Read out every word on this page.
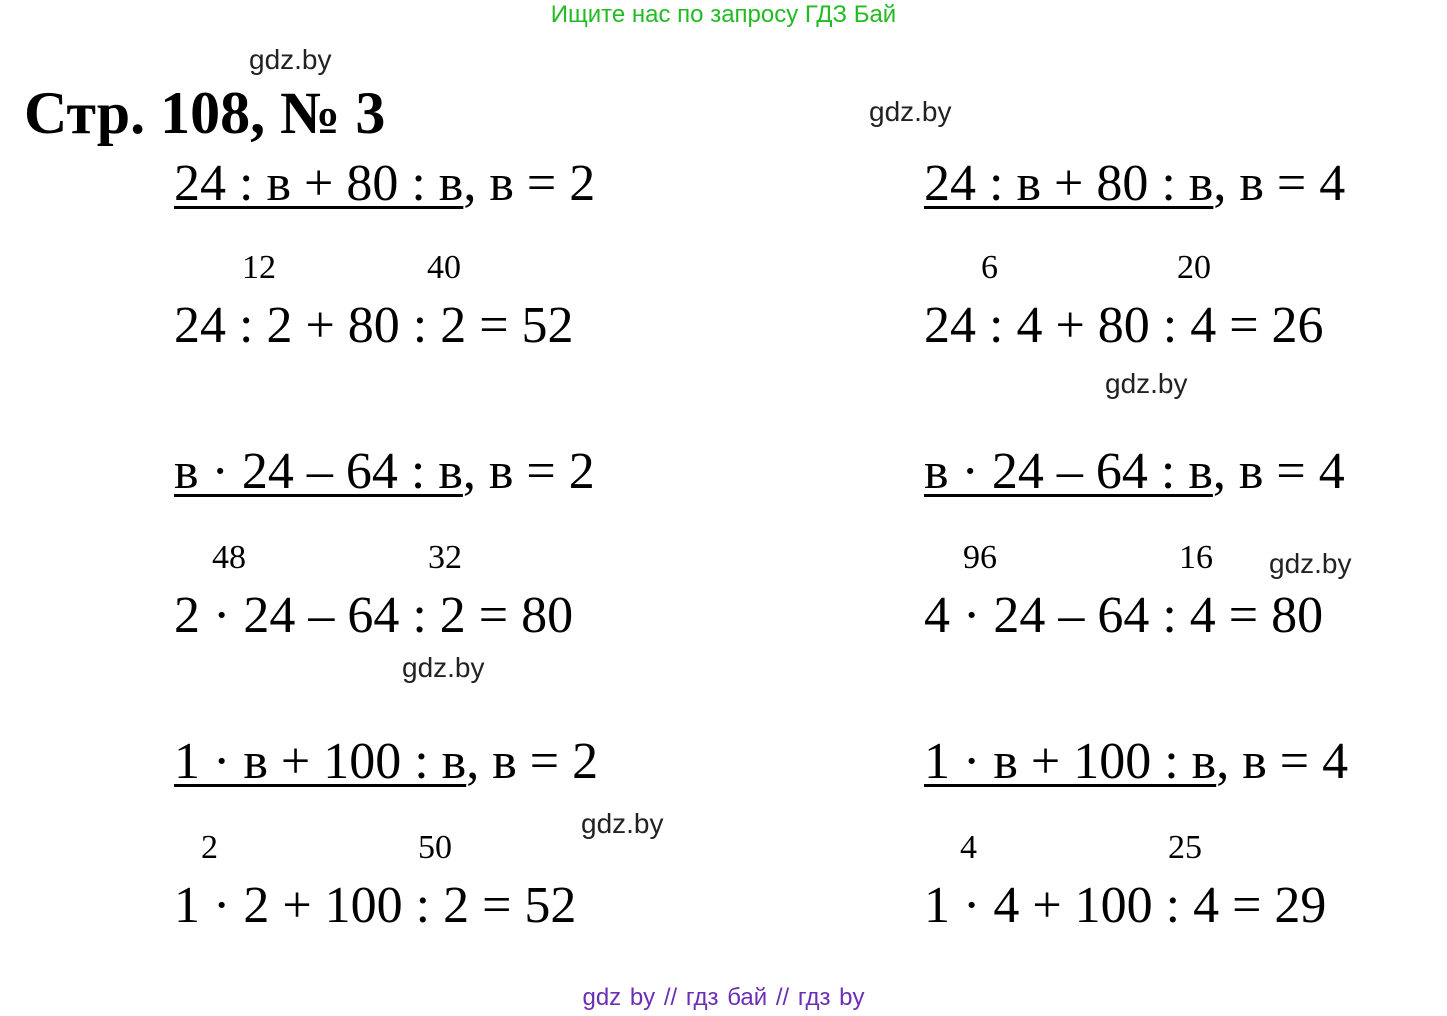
Ищите нас по запросу ГДЗ Бай
gdz.by
gdz.by
gdz.by
gdz.by
gdz.by
gdz.by
Стр. 108, № 3
24 : в + 80 : в, в = 2
12	40
24 : 2 + 80 : 2 = 52
в · 24 – 64 : в, в = 2
48	32
2 · 24 – 64 : 2 = 80
1 · в + 100 : в, в = 2
2	50
1 · 2 + 100 : 2 = 52
24 : в + 80 : в, в = 4
6	20
24 : 4 + 80 : 4 = 26
в · 24 – 64 : в, в = 4
96	16
4 · 24 – 64 : 4 = 80
1 · в + 100 : в, в = 4
4	25
1 · 4 + 100 : 4 = 29
gdz by // гдз бай // гдз by
